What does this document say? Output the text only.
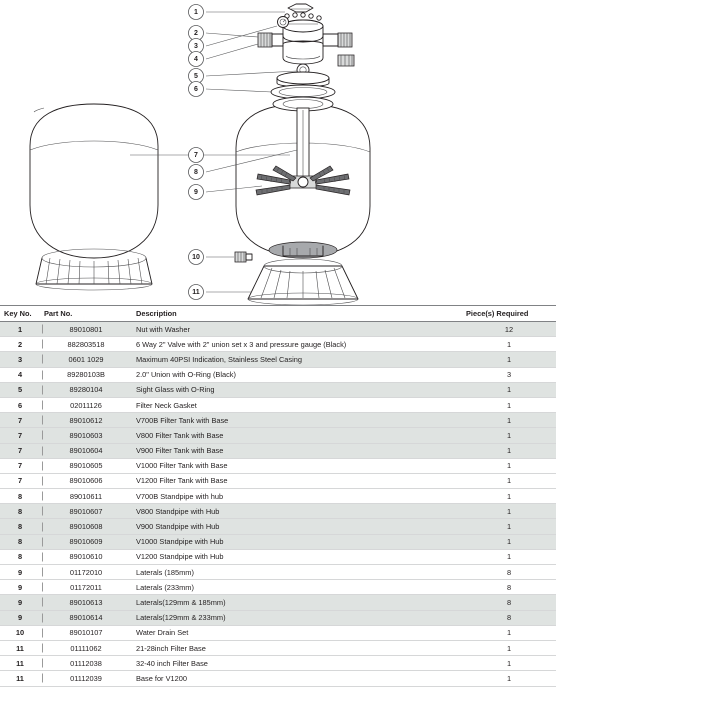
1
2
3
4
5
6
7
8
9
10
11
Key No.	Part No.	Description	Piece(s) Required
1	89010801	Nut with Washer	12
2	882803518	6 Way 2" Valve with 2" union set x 3 and pressure gauge (Black)	1
3	0601 1029	Maximum 40PSI Indication, Stainless Steel Casing	1
4	89280103B	2.0" Union with O-Ring (Black)	3
5	89280104	Sight Glass with O-Ring	1
6	02011126	Filter Neck Gasket	1
7	89010612	V700B Filter Tank with Base	1
7	89010603	V800 Filter Tank with Base	1
7	89010604	V900 Filter Tank with Base	1
7	89010605	V1000 Filter Tank with Base	1
7	89010606	V1200 Filter Tank with Base	1
8	89010611	V700B Standpipe with hub	1
8	89010607	V800 Standpipe with Hub	1
8	89010608	V900 Standpipe with Hub	1
8	89010609	V1000 Standpipe with Hub	1
8	89010610	V1200 Standpipe with Hub	1
9	01172010	Laterals (185mm)	8
9	01172011	Laterals (233mm)	8
9	89010613	Laterals(129mm & 185mm)	8
9	89010614	Laterals(129mm & 233mm)	8
10	89010107	Water Drain Set	1
11	01111062	21-28inch Filter Base	1
11	01112038	32-40 inch Filter Base	1
11	01112039	Base for V1200	1
